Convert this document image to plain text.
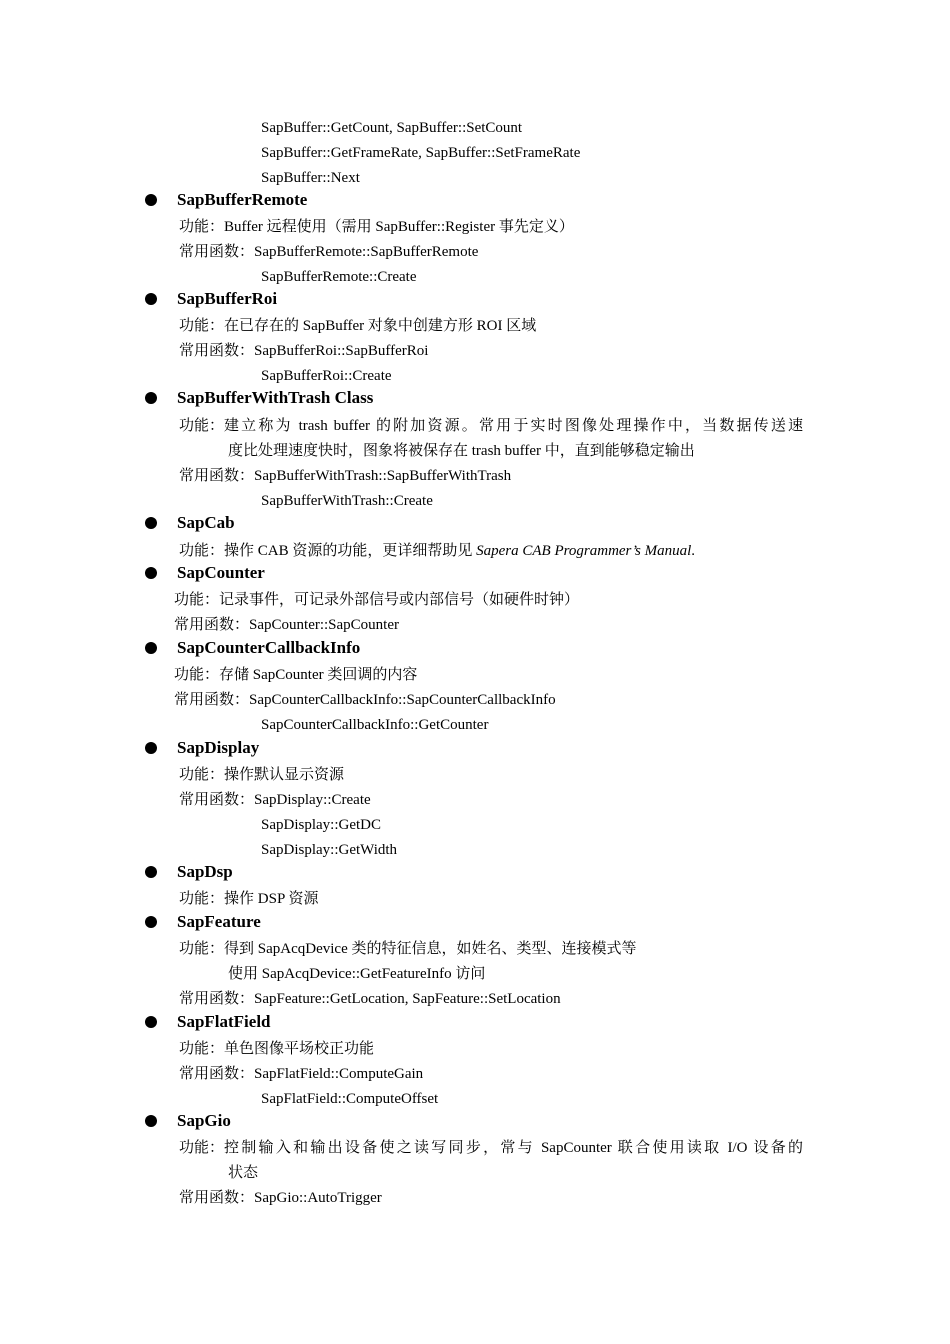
SapBuffer::GetCount, SapBuffer::SetCount
SapBuffer::GetFrameRate, SapBuffer::SetFrameRate
SapBuffer::Next
SapBufferRemote
功能：Buffer 远程使用（需用 SapBuffer::Register 事先定义）
常用函数：SapBufferRemote::SapBufferRemote
SapBufferRemote::Create
SapBufferRoi
功能：在已存在的 SapBuffer 对象中创建方形 ROI 区域
常用函数：SapBufferRoi::SapBufferRoi
SapBufferRoi::Create
SapBufferWithTrash Class
功能：建立称为 trash buffer 的附加资源。常用于实时图像处理操作中，当数据传送速
度比处理速度快时，图象将被保存在 trash buffer 中，直到能够稳定输出
常用函数：SapBufferWithTrash::SapBufferWithTrash
SapBufferWithTrash::Create
SapCab
功能：操作 CAB 资源的功能，更详细帮助见 Sapera CAB Programmer’s Manual.
SapCounter
功能：记录事件，可记录外部信号或内部信号（如硬件时钟）
常用函数：SapCounter::SapCounter
SapCounterCallbackInfo
功能：存储 SapCounter 类回调的内容
常用函数：SapCounterCallbackInfo::SapCounterCallbackInfo
SapCounterCallbackInfo::GetCounter
SapDisplay
功能：操作默认显示资源
常用函数：SapDisplay::Create
SapDisplay::GetDC
SapDisplay::GetWidth
SapDsp
功能：操作 DSP 资源
SapFeature
功能：得到 SapAcqDevice 类的特征信息，如姓名、类型、连接模式等
使用 SapAcqDevice::GetFeatureInfo 访问
常用函数：SapFeature::GetLocation, SapFeature::SetLocation
SapFlatField
功能：单色图像平场校正功能
常用函数：SapFlatField::ComputeGain
SapFlatField::ComputeOffset
SapGio
功能：控制输入和输出设备使之读写同步，常与 SapCounter 联合使用读取 I/O 设备的
状态
常用函数：SapGio::AutoTrigger
